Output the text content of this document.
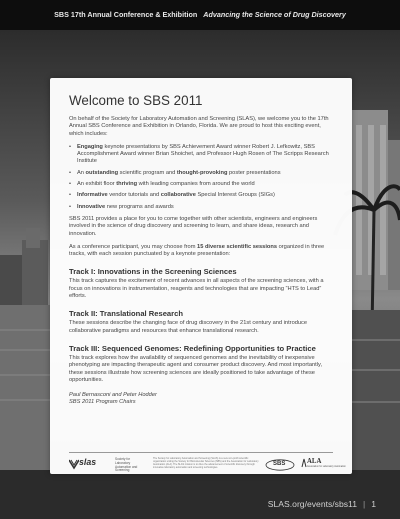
SBS 17th Annual Conference & Exhibition Advancing the Science of Drug Discovery
Welcome to SBS 2011

On behalf of the Society for Laboratory Automation and Screening (SLAS), we welcome you to the 17th Annual SBS Conference and Exhibition in Orlando, Florida. We are proud to host this exciting event, which includes:

• Engaging keynote presentations by SBS Achievement Award winner Robert J. Lefkowitz, SBS Accomplishment Award winner Brian Shoichet, and Professor Hugh Rosen of The Scripps Research Institute
• An outstanding scientific program and thought-provoking poster presentations
• An exhibit floor thriving with leading companies from around the world
• Informative vendor tutorials and collaborative Special Interest Groups (SIGs)
• Innovative new programs and awards

SBS 2011 provides a place for you to come together with other scientists, engineers and engineers involved in the science of drug discovery and screening to learn, and share ideas, research and innovation.

As a conference participant, you may choose from 15 diverse scientific sessions organized in three tracks, with each session punctuated by a keynote presentation:

Track I: Innovations in the Screening Sciences

This track captures the excitement of recent advances in all aspects of the screening sciences, with a focus on innovations in instrumentation, reagents and technologies that are impacting “HTS to Lead” efforts.

Track II: Translational Research

These sessions describe the changing face of drug discovery in the 21st century and introduce collaborative paradigms and resources that enhance translational research.

Track III: Sequenced Genomes: Redefining Opportunities to Practice

This track explores how the availability of sequenced genomes and the inevitability of inexpensive phenotyping are impacting therapeutic agent and consumer product discovery. And most importantly, these sessions illustrate how screening sciences are ideally positioned to take advantage of these opportunities.

Paul Bernasconi and Peter Hodder
SBS 2011 Program Chairs
slas	Society for Laboratory Automation and Screening
The Society for Laboratory Automation and Screening (SLAS) is a new non-profit scientific organization uniting the Society for Biomolecular Sciences (SBS) and the Association for Laboratory Automation (ALA). The SLAS mission is to drive the advancement of scientific discovery through innovative laboratory automation and screening technologies.
SBS	ALA
Association for Laboratory Automation
SLAS.org/events/sbs11 | 1
